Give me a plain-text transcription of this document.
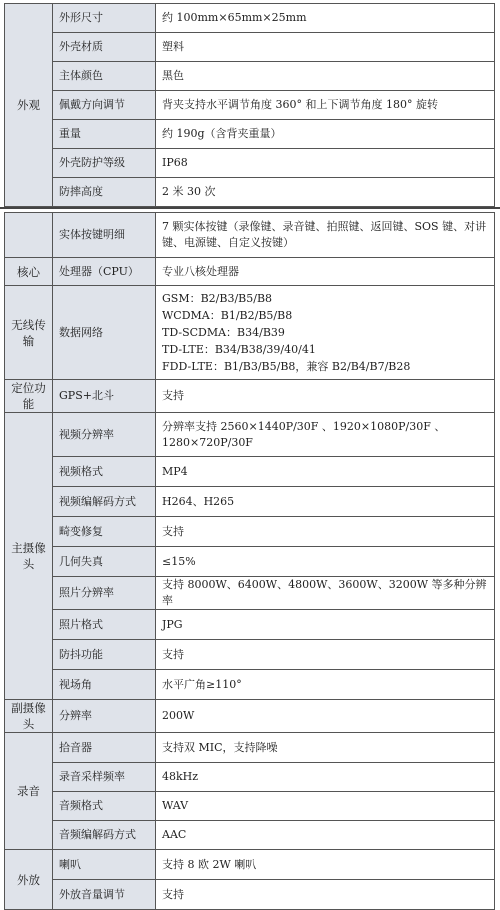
外观	外形尺寸	约 100mm×65mm×25mm
	外壳材质	塑料
	主体颜色	黑色
	佩戴方向调节	背夹支持水平调节角度 360° 和上下调节角度 180° 旋转
	重量	约 190g（含背夹重量）
	外壳防护等级	IP68
	防摔高度	2 米 30 次
	实体按键明细	7 颗实体按键（录像键、录音键、拍照键、返回键、SOS 键、对讲键、电源键、自定义按键）
核心	处理器（CPU）	专业八核处理器
无线传输	数据网络	GSM：B2/B3/B5/B8
WCDMA：B1/B2/B5/B8
TD-SCDMA：B34/B39
TD-LTE：B34/B38/39/40/41
FDD-LTE：B1/B3/B5/B8，兼容 B2/B4/B7/B28

定位功能	GPS+北斗	支持
主摄像头	视频分辨率	分辨率支持 2560×1440P/30F 、1920×1080P/30F 、1280×720P/30F
	视频格式	MP4
	视频编解码方式	H264、H265
	畸变修复	支持
	几何失真	≤15%
	照片分辨率	支持 8000W、6400W、4800W、3600W、3200W 等多种分辨率
	照片格式	JPG
	防抖功能	支持
	视场角	水平广角≥110°
副摄像头	分辨率	200W
录音	拾音器	支持双 MIC，支持降噪
	录音采样频率	48kHz
	音频格式	WAV
	音频编解码方式	AAC
外放	喇叭	支持 8 欧 2W 喇叭
	外放音量调节	支持
